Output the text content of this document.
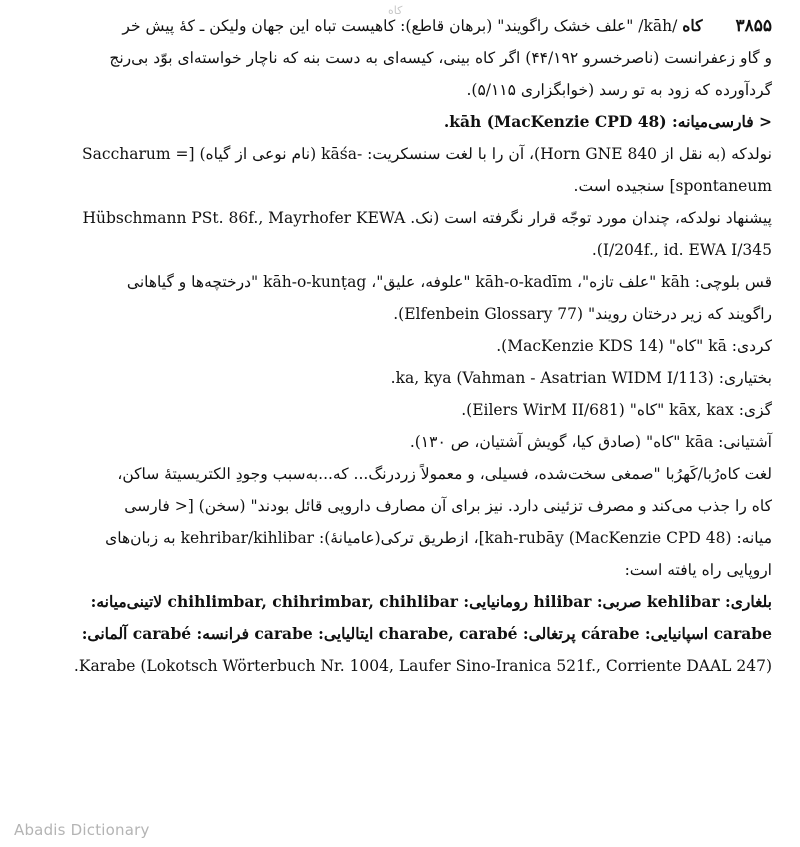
کاه
۳۸۵۵ کاه /kāh/ "علف خشک راگویند" (برهان قاطع): کاهیست تباه این جهان ولیکن ـ کهٔ پیش خر
و گاو زعفرانست (ناصرخسرو ۴۴/۱۹۲) اگر کاه بینی، کیسه‌ای به دست بنه که ناچار خواسته‌ای بوّد بی‌رنج
گردآورده که زود به تو رسد (خوابگزاری ۵/۱۱۵).
< فارسی‌میانه: kāh (MacKenzie CPD 48).
نولدکه (به نقل از Horn GNE 840)، آن را با لغت سنسکریت: -kāśa (نام نوعی از گیاه) [= Saccharum
spontaneum] سنجیده است.
پیشنهاد نولدکه، چندان مورد توجّه قرار نگرفته است (نک. Hübschmann PSt. 86f., Mayrhofer KEWA
I/204f., id. EWA I/345).
قس بلوچی: kāh "علف تازه"، kāh-o-kadīm "علوفه، علیق"، kāh-o-kunṭag "درختچه‌ها و گیاهانی
راگویند که زیر درختان رویند" (Elfenbein Glossary 77).
کردی: kā "کاه" (MacKenzie KDS 14).
بختیاری: ka, kya (Vahman - Asatrian WIDM I/113).
گزی: kāx, kax "کاه" (Eilers WirM II/681).
آشتیانی: kāa "کاه" (صادق کیا، گویش آشتیان، ص ۱۳۰).
لغت کاه‌رُبا/کَهرُبا "صمغی سخت‌شده، فسیلی، و معمولاً زردرنگ... که...به‌سبب وجودِ الکتریسیتهٔ ساکن،
کاه را جذب می‌کند و مصرف تزئینی دارد. نیز برای آن مصارف دارویی قائل بودند" (سخن) [< فارسی
میانه: kah-rubāy (MacKenzie CPD 48)]، ازطریق ترکی(عامیانهٔ): kehribar/kihlibar به زبان‌های
اروپایی راه یافته است:
بلغاری: kehlibar صربی: hilibar رومانیایی: chihlimbar, chihrimbar, chihlibar لاتینی‌میانه:
carabe اسپانیایی: cárabe پرتغالی: charabe, carabé ایتالیایی: carabe فرانسه: carabé آلمانی:
Karabe (Lokotsch Wörterbuch Nr. 1004, Laufer Sino-Iranica 521f., Corriente DAAL 247).
Abadis Dictionary
